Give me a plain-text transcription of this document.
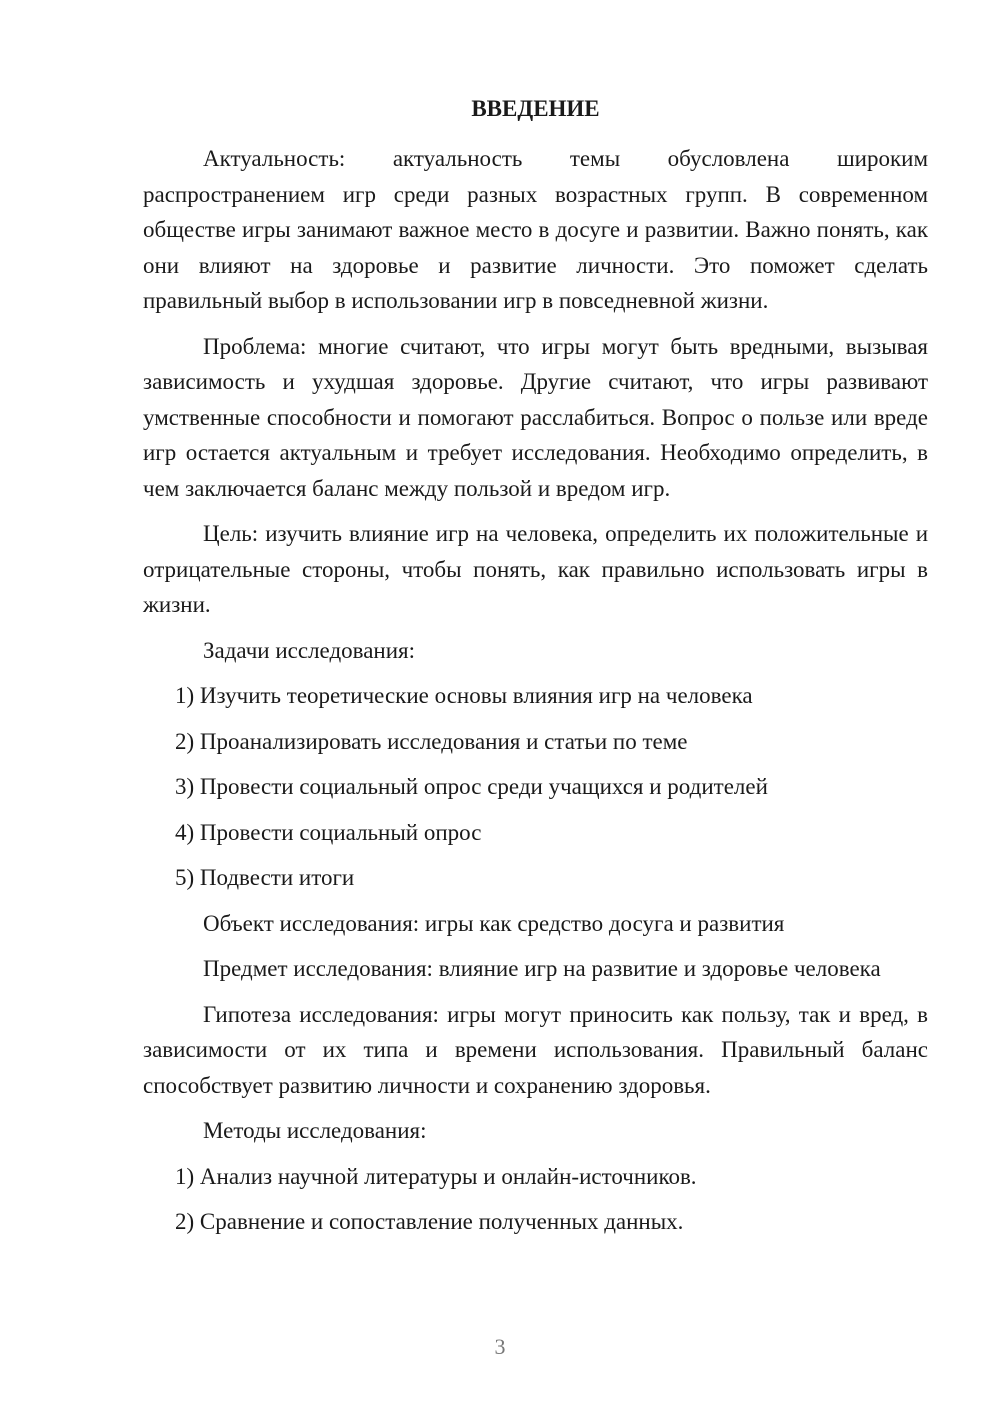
ВВЕДЕНИЕ

Актуальность: актуальность темы обусловлена широким распространением игр среди разных возрастных групп. В современном обществе игры занимают важное место в досуге и развитии. Важно понять, как они влияют на здоровье и развитие личности. Это поможет сделать правильный выбор в использовании игр в повседневной жизни.

Проблема: многие считают, что игры могут быть вредными, вызывая зависимость и ухудшая здоровье. Другие считают, что игры развивают умственные способности и помогают расслабиться. Вопрос о пользе или вреде игр остается актуальным и требует исследования. Необходимо определить, в чем заключается баланс между пользой и вредом игр.

Цель: изучить влияние игр на человека, определить их положительные и отрицательные стороны, чтобы понять, как правильно использовать игры в жизни.

Задачи исследования:
1) Изучить теоретические основы влияния игр на человека
2) Проанализировать исследования и статьи по теме
3) Провести социальный опрос среди учащихся и родителей
4) Провести социальный опрос
5) Подвести итоги
Объект исследования: игры как средство досуга и развития

Предмет исследования: влияние игр на развитие и здоровье человека

Гипотеза исследования: игры могут приносить как пользу, так и вред, в зависимости от их типа и времени использования. Правильный баланс способствует развитию личности и сохранению здоровья.

Методы исследования:
1) Анализ научной литературы и онлайн-источников.
2) Сравнение и сопоставление полученных данных.
3
